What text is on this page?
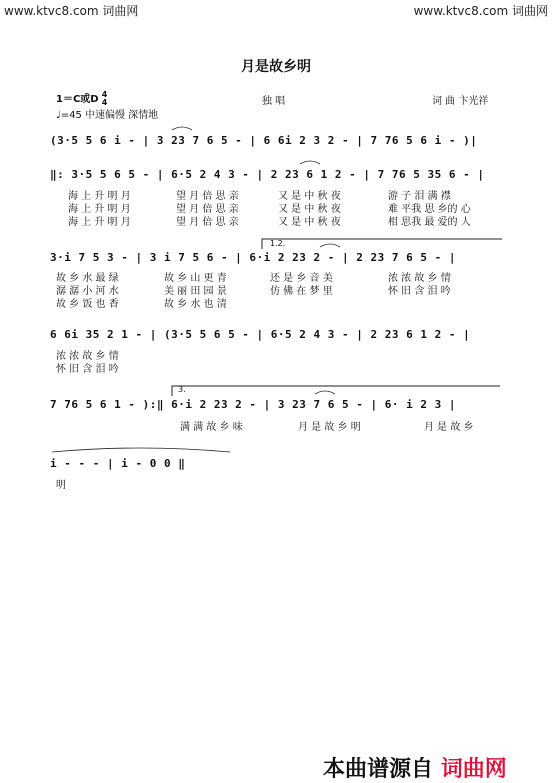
www.ktvc8.com 词曲网	www.ktvc8.com 词曲网
月是故乡明
1＝C或D 4
4	独 唱	词 曲 卞光祥
♩=45 中速偏慢 深情地
(3·5 5 6 i - | 3 23 7 6 5 - | 6 6i 2 3 2 - | 7 76 5 6 i - )|
‖: 3·5 5 6 5 - | 6·5 2 4 3 - | 2 23 6 1 2 - | 7 76 5 35 6 - |
海 上 升 明 月	望 月 倍 思 亲	又 是 中 秋 夜	游 子 泪 满 襟
海 上 升 明 月	望 月 倍 思 亲	又 是 中 秋 夜	难 平我 思 乡的 心
海 上 升 明 月	望 月 倍 思 亲	又 是 中 秋 夜	相 思我 最 爱的 人
1.2.
3·i 7 5 3 - | 3 i 7 5 6 - | 6·i 2 23 2 - | 2 23 7 6 5 - |
故 乡 水 最 绿	故 乡 山 更 青	还 是 乡 音 美	浓 浓 故 乡 情
潺 潺 小 河 水	美 丽 田 园 景	仿 佛 在 梦 里	怀 旧 含 泪 吟
故 乡 饭 也 香	故 乡 水 也 清
6 6i 35 2 1 - | (3·5 5 6 5 - | 6·5 2 4 3 - | 2 23 6 1 2 - |
浓 浓 故 乡 情
怀 旧 含 泪 吟
3.
7 76 5 6 1 - ):‖ 6·i 2 23 2 - | 3 23 7 6 5 - | 6· i 2 3 |
满 满 故 乡 味	月 是 故 乡 明	月 是 故 乡
i - - - | i - 0 0 ‖
明
本曲谱源自 词曲网
